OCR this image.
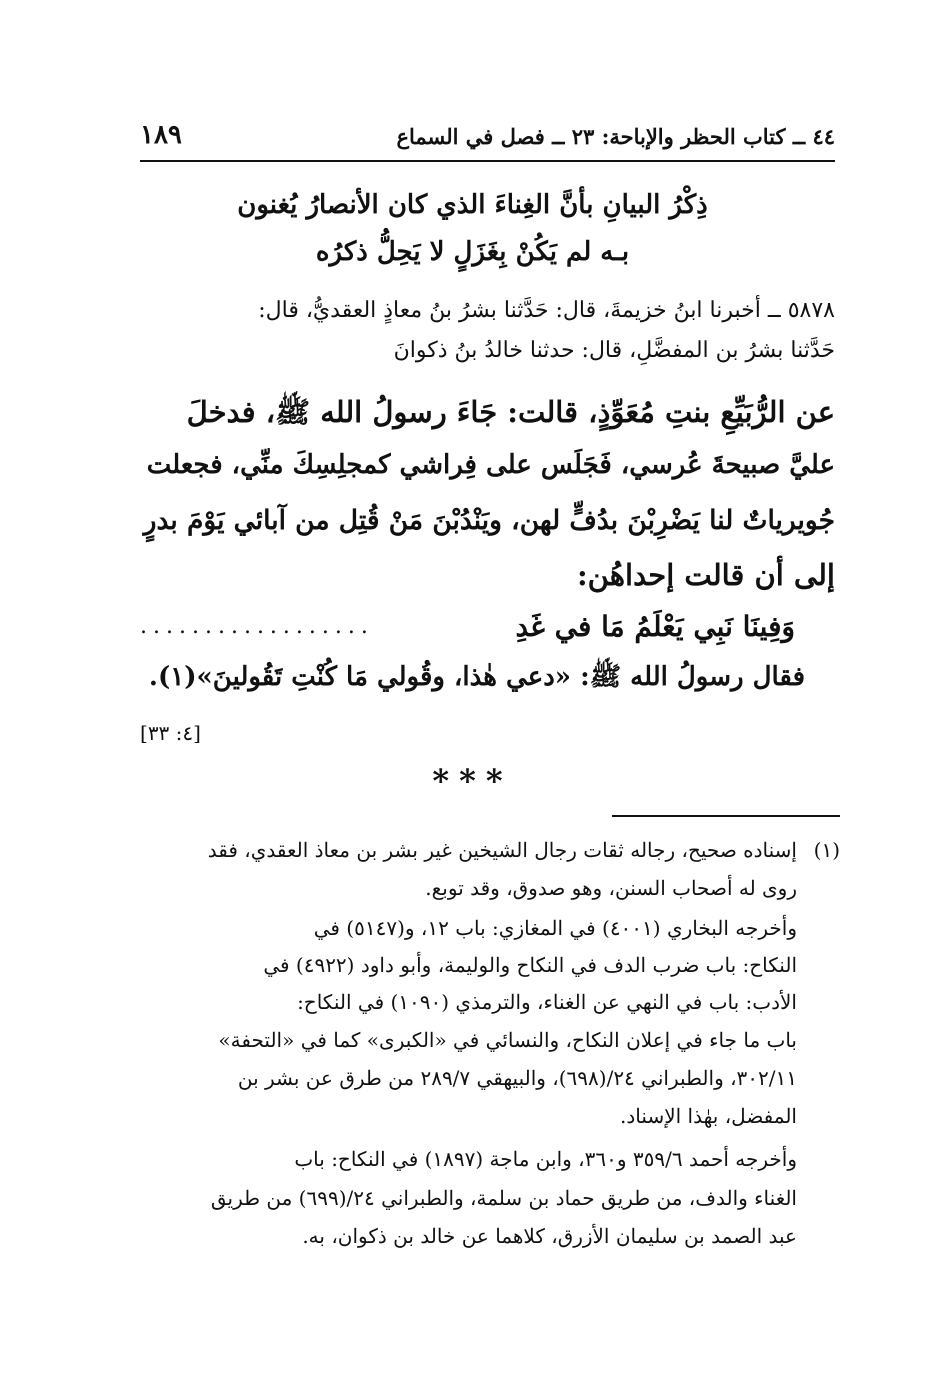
٤٤ ــ كتاب الحظر والإباحة: ٢٣ ــ فصل في السماع
١٨٩
ذِكْرُ البيانِ بأنَّ الغِناءَ الذي كان الأنصارُ يُغنون
بـه لم يَكُنْ بِغَزَلٍ لا يَحِلُّ ذكرُه
٥٨٧٨ ــ أخبرنا ابنُ خزيمةَ، قال: حَدَّثنا بشرُ بنُ معاذٍ العقديُّ، قال:
حَدَّثنا بشرُ بن المفضَّلِ، قال: حدثنا خالدُ بنُ ذكوانَ
عن الرُّبَيِّعِ بنتِ مُعَوِّذٍ، قالت: جَاءَ رسولُ الله ﷺ، فدخلَ
عليَّ صبيحةَ عُرسي، فَجَلَس على فِراشي كمجلِسِكَ منِّي، فجعلت
جُويرياتٌ لنا يَضْرِبْنَ بدُفٍّ لهن، ويَنْدُبْنَ مَنْ قُتِل من آبائي يَوْمَ بدرٍ
إلى أن قالت إحداهُن:
وَفِينَا نَبِي يَعْلَمُ مَا في غَدِ
..................
فقال رسولُ الله ﷺ: «دعي هٰذا، وقُولي مَا كُنْتِ تَقُولينَ»(١).
[٤: ٣٣]
***
(١)
إسناده صحيح، رجاله ثقات رجال الشيخين غير بشر بن معاذ العقدي، فقد
روى له أصحاب السنن، وهو صدوق، وقد توبع.
وأخرجه البخاري (٤٠٠١) في المغازي: باب ١٢، و(٥١٤٧) في
النكاح: باب ضرب الدف في النكاح والوليمة، وأبو داود (٤٩٢٢) في
الأدب: باب في النهي عن الغناء، والترمذي (١٠٩٠) في النكاح:
باب ما جاء في إعلان النكاح، والنسائي في «الكبرى» كما في «التحفة»
٣٠٢/١١، والطبراني ٢٤/(٦٩٨)، والبيهقي ٢٨٩/٧ من طرق عن بشر بن
المفضل، بهٰذا الإسناد.
وأخرجه أحمد ٣٥٩/٦ و٣٦٠، وابن ماجة (١٨٩٧) في النكاح: باب
الغناء والدف، من طريق حماد بن سلمة، والطبراني ٢٤/(٦٩٩) من طريق
عبد الصمد بن سليمان الأزرق، كلاهما عن خالد بن ذكوان، به.
